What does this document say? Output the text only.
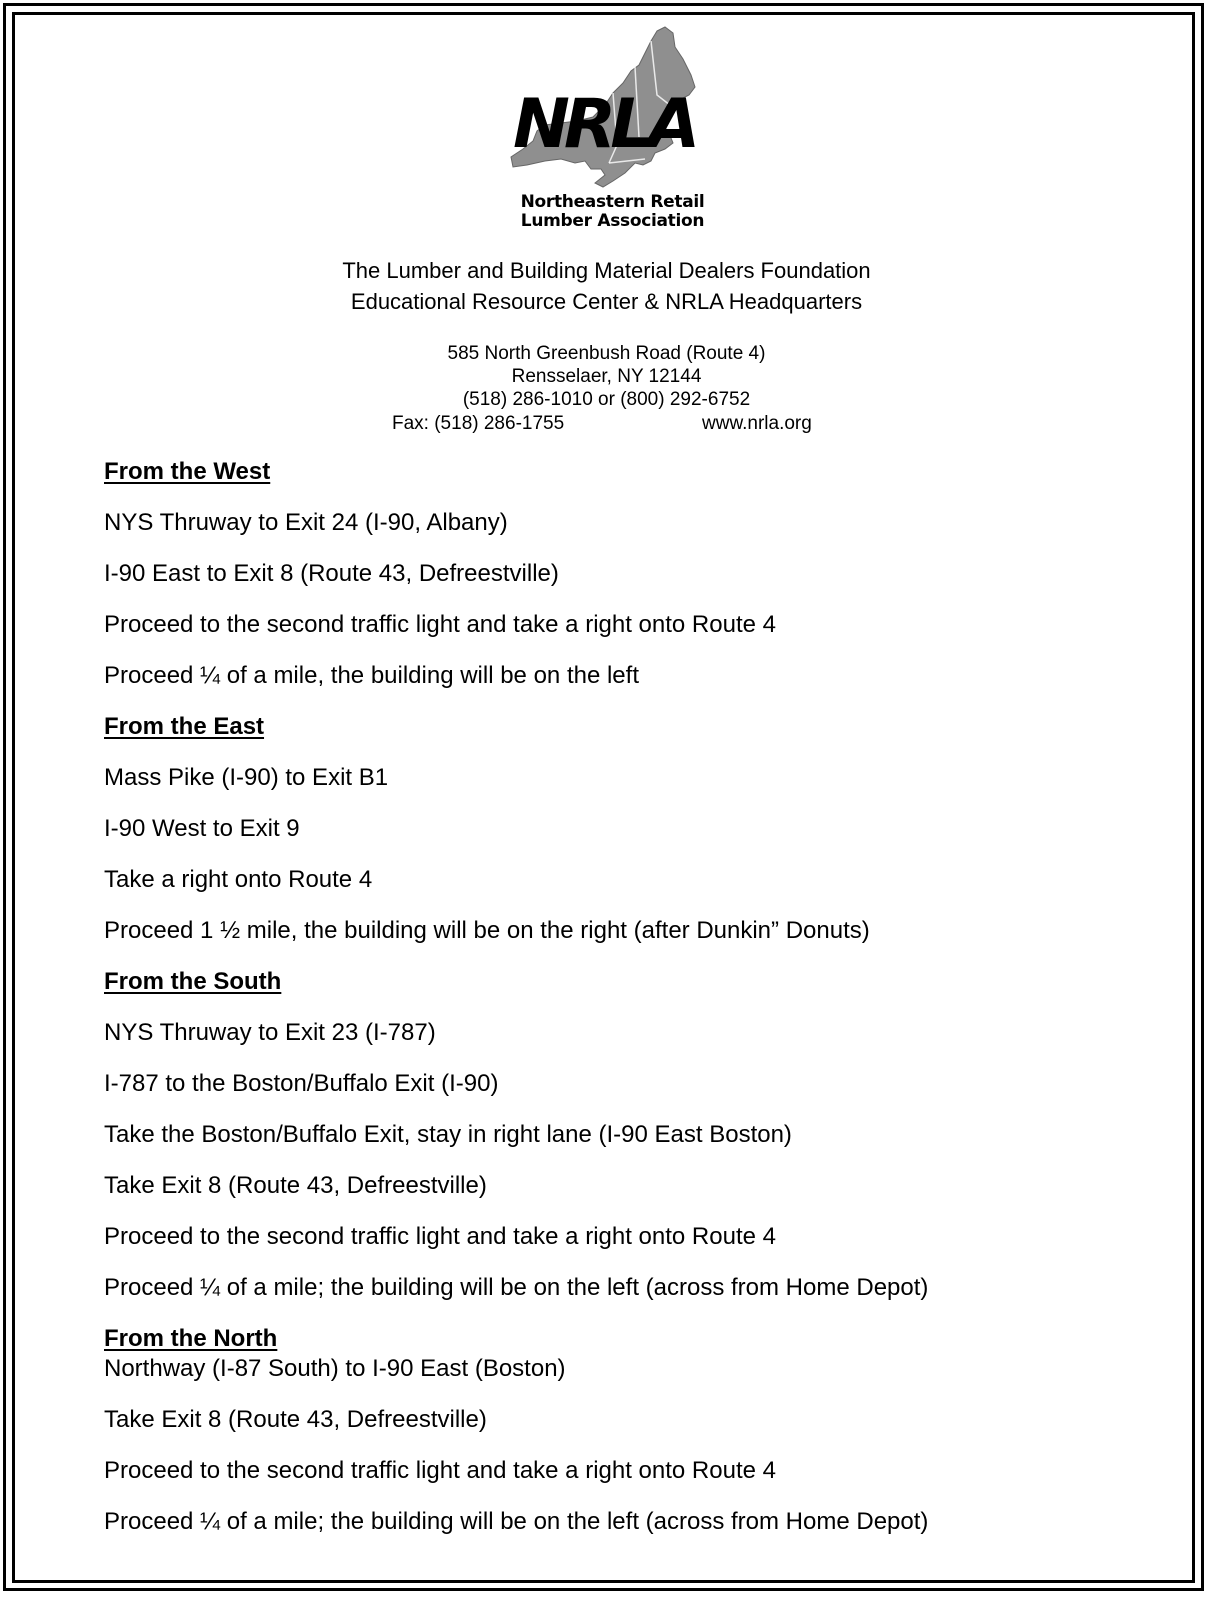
NRLA
Northeastern Retail
Lumber Association
The Lumber and Building Material Dealers Foundation
Educational Resource Center & NRLA Headquarters
585 North Greenbush Road (Route 4)
Rensselaer, NY 12144
(518) 286-1010 or (800) 292-6752
Fax: (518) 286-1755	www.nrla.org
From the West
NYS Thruway to Exit 24 (I-90, Albany)
I-90 East to Exit 8 (Route 43, Defreestville)
Proceed to the second traffic light and take a right onto Route 4
Proceed ¼ of a mile, the building will be on the left
From the East
Mass Pike (I-90) to Exit B1
I-90 West to Exit 9
Take a right onto Route 4
Proceed 1 ½ mile, the building will be on the right (after Dunkin” Donuts)
From the South
NYS Thruway to Exit 23 (I-787)
I-787 to the Boston/Buffalo Exit (I-90)
Take the Boston/Buffalo Exit, stay in right lane (I-90 East Boston)
Take Exit 8 (Route 43, Defreestville)
Proceed to the second traffic light and take a right onto Route 4
Proceed ¼ of a mile; the building will be on the left (across from Home Depot)
From the North
Northway (I-87 South) to I-90 East (Boston)
Take Exit 8 (Route 43, Defreestville)
Proceed to the second traffic light and take a right onto Route 4
Proceed ¼ of a mile; the building will be on the left (across from Home Depot)
